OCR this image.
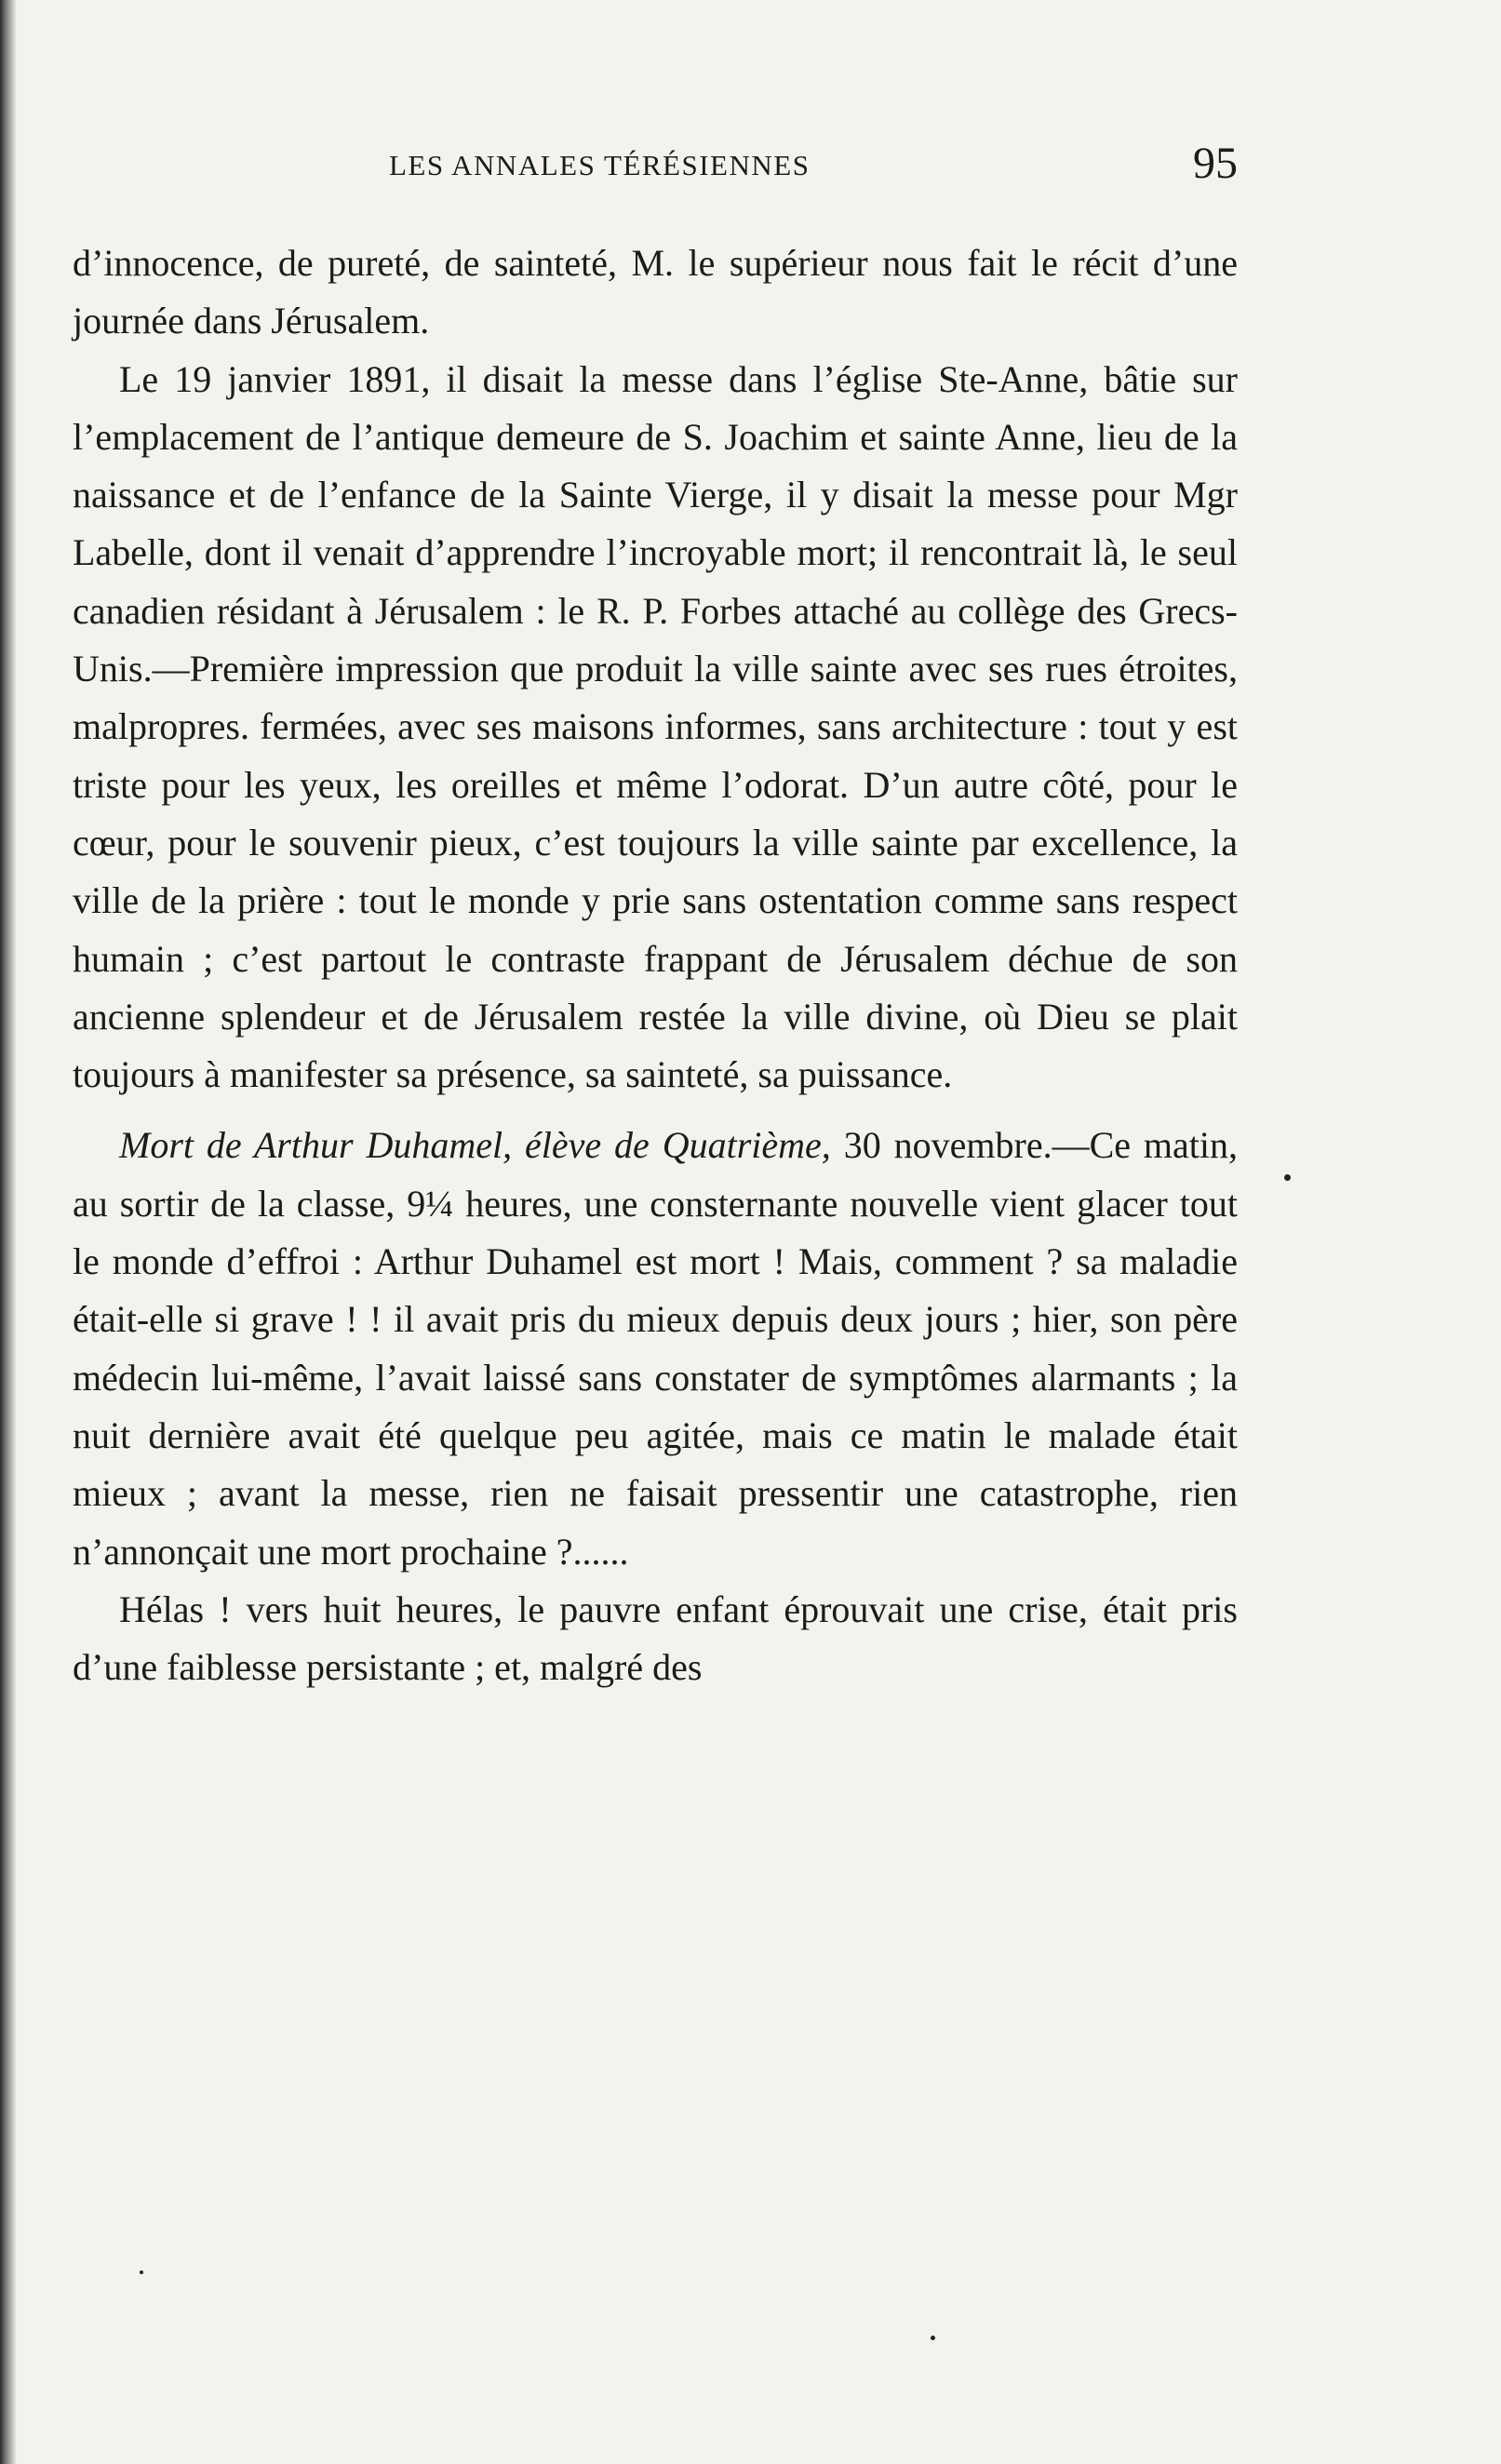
LES ANNALES TÉRÉSIENNES	95

d’innocence, de pureté, de sainteté, M. le supérieur nous fait le récit d’une journée dans Jérusalem.

Le 19 janvier 1891, il disait la messe dans l’église Ste-Anne, bâtie sur l’emplacement de l’antique demeure de S. Joachim et sainte Anne, lieu de la naissance et de l’enfance de la Sainte Vierge, il y disait la messe pour Mgr Labelle, dont il venait d’apprendre l’incroyable mort; il rencontrait là, le seul canadien résidant à Jérusalem : le R. P. Forbes attaché au collège des Grecs-Unis.—Première impression que produit la ville sainte avec ses rues étroites, malpropres. fermées, avec ses maisons informes, sans architecture : tout y est triste pour les yeux, les oreilles et même l’odorat. D’un autre côté, pour le cœur, pour le souvenir pieux, c’est toujours la ville sainte par excellence, la ville de la prière : tout le monde y prie sans ostentation comme sans respect humain ; c’est partout le contraste frappant de Jérusalem déchue de son ancienne splendeur et de Jérusalem restée la ville divine, où Dieu se plait toujours à manifester sa présence, sa sainteté, sa puissance.

Mort de Arthur Duhamel, élève de Quatrième, 30 novembre.—Ce matin, au sortir de la classe, 9¼ heures, une consternante nouvelle vient glacer tout le monde d’effroi : Arthur Duhamel est mort ! Mais, comment ? sa maladie était-elle si grave ! ! il avait pris du mieux depuis deux jours ; hier, son père médecin lui-même, l’avait laissé sans constater de symptômes alarmants ; la nuit dernière avait été quelque peu agitée, mais ce matin le malade était mieux ; avant la messe, rien ne faisait pressentir une catastrophe, rien n’annonçait une mort prochaine ?......

Hélas ! vers huit heures, le pauvre enfant éprouvait une crise, était pris d’une faiblesse persistante ; et, malgré des
